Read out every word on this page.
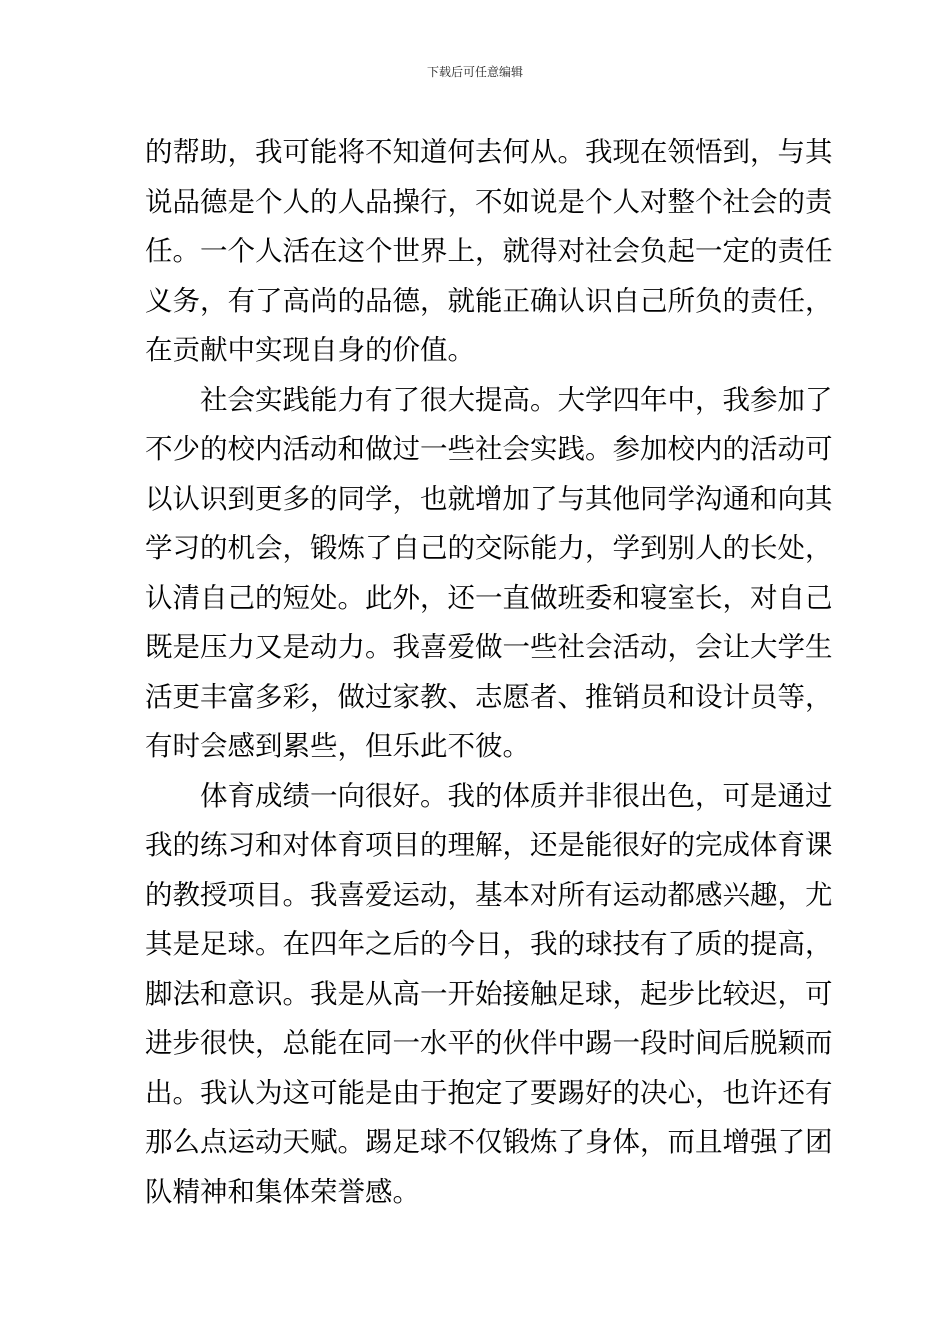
下载后可任意编辑
的帮助，我可能将不知道何去何从。我现在领悟到，与其
说品德是个人的人品操行，不如说是个人对整个社会的责
任。一个人活在这个世界上，就得对社会负起一定的责任
义务，有了高尚的品德，就能正确认识自己所负的责任，
在贡献中实现自身的价值。
社会实践能力有了很大提高。大学四年中，我参加了
不少的校内活动和做过一些社会实践。参加校内的活动可
以认识到更多的同学，也就增加了与其他同学沟通和向其
学习的机会，锻炼了自己的交际能力，学到别人的长处，
认清自己的短处。此外，还一直做班委和寝室长，对自己
既是压力又是动力。我喜爱做一些社会活动，会让大学生
活更丰富多彩，做过家教、志愿者、推销员和设计员等，
有时会感到累些，但乐此不彼。
体育成绩一向很好。我的体质并非很出色，可是通过
我的练习和对体育项目的理解，还是能很好的完成体育课
的教授项目。我喜爱运动，基本对所有运动都感兴趣，尤
其是足球。在四年之后的今日，我的球技有了质的提高，
脚法和意识。我是从高一开始接触足球，起步比较迟，可
进步很快，总能在同一水平的伙伴中踢一段时间后脱颖而
出。我认为这可能是由于抱定了要踢好的决心，也许还有
那么点运动天赋。踢足球不仅锻炼了身体，而且增强了团
队精神和集体荣誉感。
